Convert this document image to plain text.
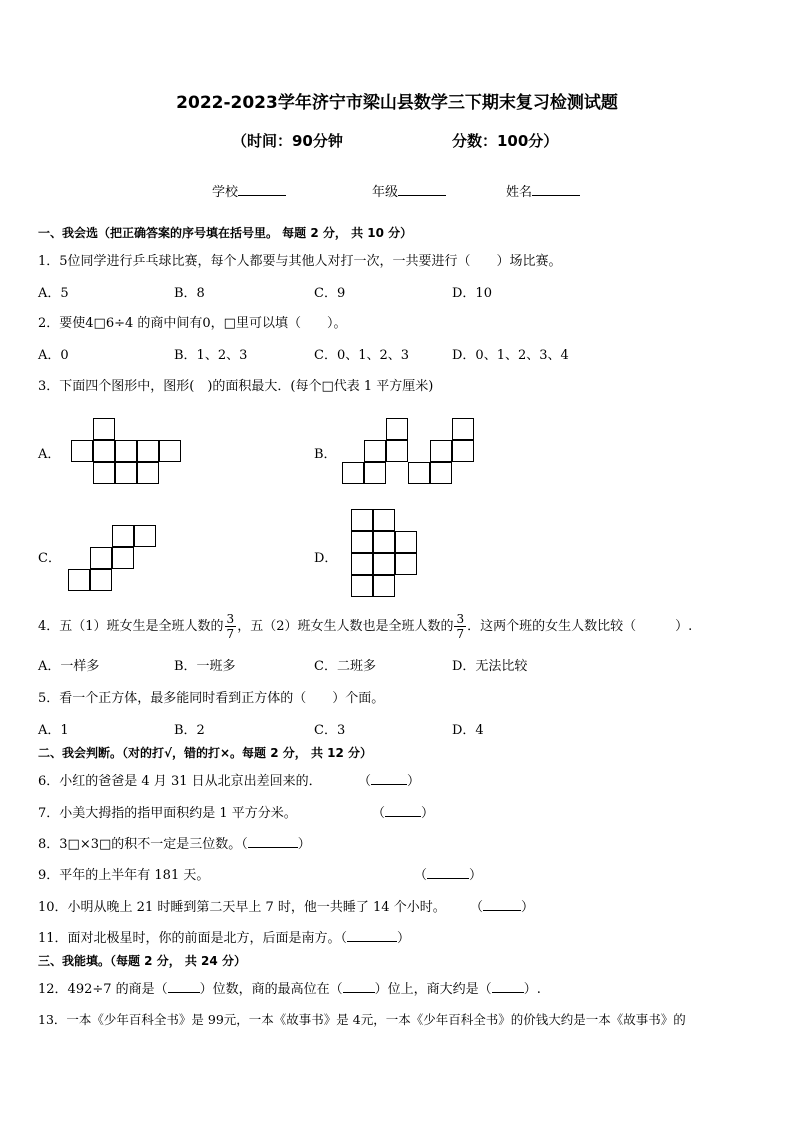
2022-2023学年济宁市梁山县数学三下期末复习检测试题
（时间：90分钟	分数：100分）
学校	年级	姓名
一、我会选（把正确答案的序号填在括号里。 每题 2 分， 共 10 分）
1．5位同学进行乒乓球比赛，每个人都要与其他人对打一次，一共要进行（　　）场比赛。
A．5	B．8	C．9	D．10
2．要使4□6÷4 的商中间有0，□里可以填（　　）。
A．0	B．1、2、3	C．0、1、2、3	D．0、1、2、3、4
3．下面四个图形中，图形(　)的面积最大．(每个□代表 1 平方厘米)
A．	B．
C．	D．
4．五（1）班女生是全班人数的 $\frac{3}{7}$ ，五（2）班女生人数也是全班人数的 $\frac{3}{7}$ ．这两个班的女生人数比较（　　　）.
A．一样多	B．一班多	C．二班多	D．无法比较
5．看一个正方体，最多能同时看到正方体的（　　）个面。
A．1	B．2	C．3	D．4
二、我会判断。（对的打√，错的打×。每题 2 分， 共 12 分）
6．小红的爸爸是 4 月 31 日从北京出差回来的．	（	）
7．小美大拇指的指甲面积约是 1 平方分米。	（	）
8．3□×3□的积不一定是三位数。（	）
9．平年的上半年有 181 天。	（	）
10．小明从晚上 21 时睡到第二天早上 7 时，他一共睡了 14 个小时。 （	）
11．面对北极星时，你的前面是北方，后面是南方。（	）
三、我能填。（每题 2 分， 共 24 分）
12．492÷7 的商是（ ）位数，商的最高位在（ ）位上，商大约是（ ）.
13．一本《少年百科全书》是 99元，一本《故事书》是 4元，一本《少年百科全书》的价钱大约是一本《故事书》的
